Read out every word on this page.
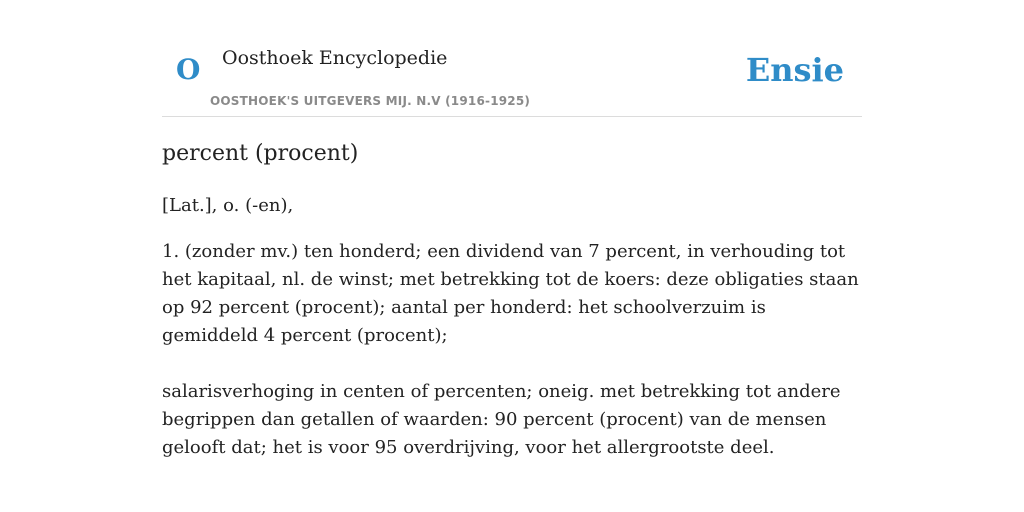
O Oosthoek Encyclopedie
OOSTHOEK'S UITGEVERS MIJ. N.V (1916-1925)
Ensie
percent (procent)

[Lat.], o. (-en),

1. (zonder mv.) ten honderd; een dividend van 7 percent, in verhouding tot het kapitaal, nl. de winst; met betrekking tot de koers: deze obligaties staan op 92 percent (procent); aantal per honderd: het schoolverzuim is gemiddeld 4 percent (procent);

salarisverhoging in centen of percenten; oneig. met betrekking tot andere begrippen dan getallen of waarden: 90 percent (procent) van de mensen gelooft dat; het is voor 95 overdrijving, voor het allergrootste deel.
